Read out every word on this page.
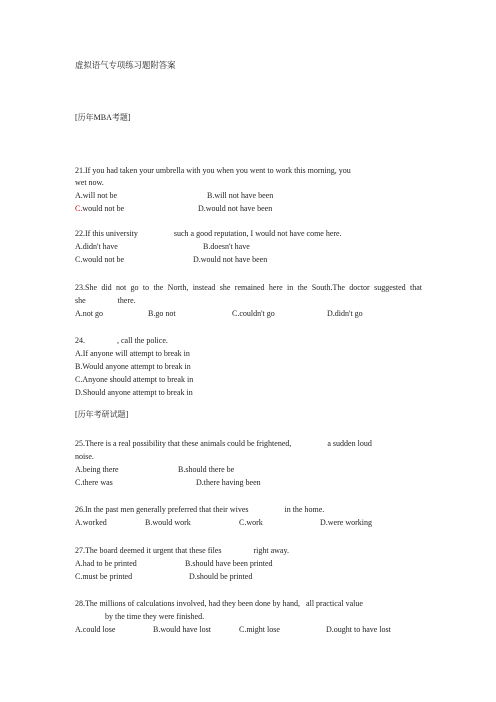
虚拟语气专项练习题附答案
[历年MBA考题]
21.If you had taken your umbrella with you when you went to work this morning, you
wet now.
A.will not be	B.will not have been
C.would not be	D.would not have been
22.If this university                  such a good reputation, I would not have come here.
A.didn't have	B.doesn't have
C.would not be	D.would not have been
23.She did not go to the North, instead she remained here in the South.The doctor suggested that
she                there.
A.not go	B.go not	C.couldn't go	D.didn't go
24.                , call the police.
A.If anyone will attempt to break in
B.Would anyone attempt to break in
C.Anyone should attempt to break in
D.Should anyone attempt to break in
[历年考研试题]
25.There is a real possibility that these animals could be frightened,                  a sudden loud
noise.
A.being there	B.should there be
C.there was	D.there having been
26.In the past men generally preferred that their wives                  in the home.
A.worked	B.would work	C.work	D.were working
27.The board deemed it urgent that these files                right away.
A.had to be printed	B.should have been printed
C.must be printed	D.should be printed
28.The millions of calculations involved, had they been done by hand,   all practical value
by the time they were finished.
A.could lose	B.would have lost	C.might lose	D.ought to have lost
